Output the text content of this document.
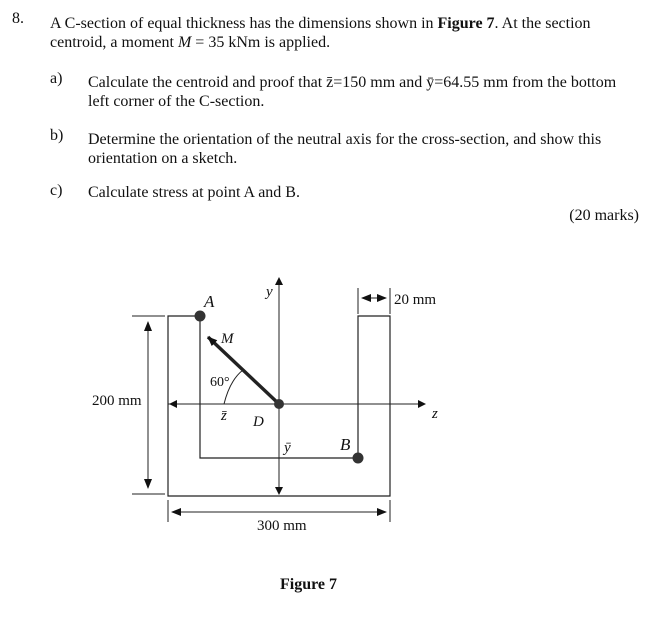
8. A C-section of equal thickness has the dimensions shown in Figure 7. At the section centroid, a moment M = 35 kNm is applied.
a) Calculate the centroid and proof that z̄=150 mm and ȳ=64.55 mm from the bottom left corner of the C-section.
b) Determine the orientation of the neutral axis for the cross-section, and show this orientation on a sketch.
c) Calculate stress at point A and B.
(20 marks)
A
B
D
M
60°
y
z
z̄
ȳ
200 mm
300 mm
20 mm
Figure 7
